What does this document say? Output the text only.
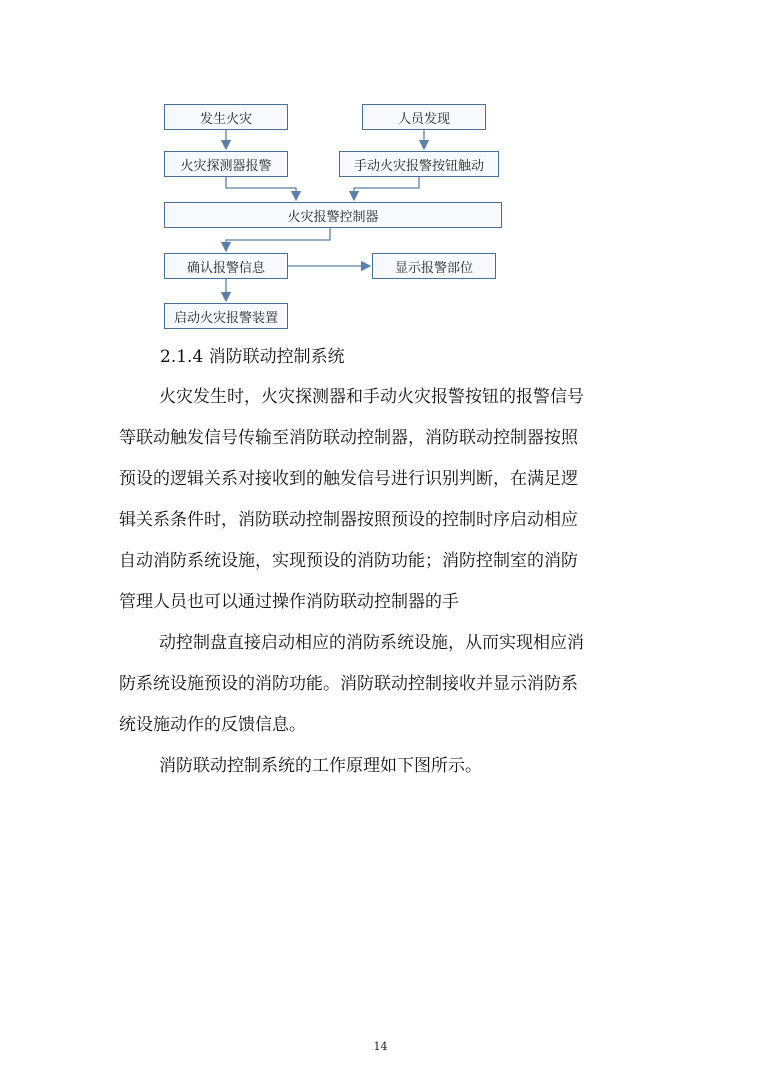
发生火灾	人员发现
火灾探测器报警	手动火灾报警按钮触动
火灾报警控制器
确认报警信息	显示报警部位
启动火灾报警装置
2.1.4 消防联动控制系统
火灾发生时，火灾探测器和手动火灾报警按钮的报警信号
等联动触发信号传输至消防联动控制器，消防联动控制器按照
预设的逻辑关系对接收到的触发信号进行识别判断，在满足逻
辑关系条件时，消防联动控制器按照预设的控制时序启动相应
自动消防系统设施，实现预设的消防功能；消防控制室的消防
管理人员也可以通过操作消防联动控制器的手
动控制盘直接启动相应的消防系统设施，从而实现相应消
防系统设施预设的消防功能。消防联动控制接收并显示消防系
统设施动作的反馈信息。
消防联动控制系统的工作原理如下图所示。
14
